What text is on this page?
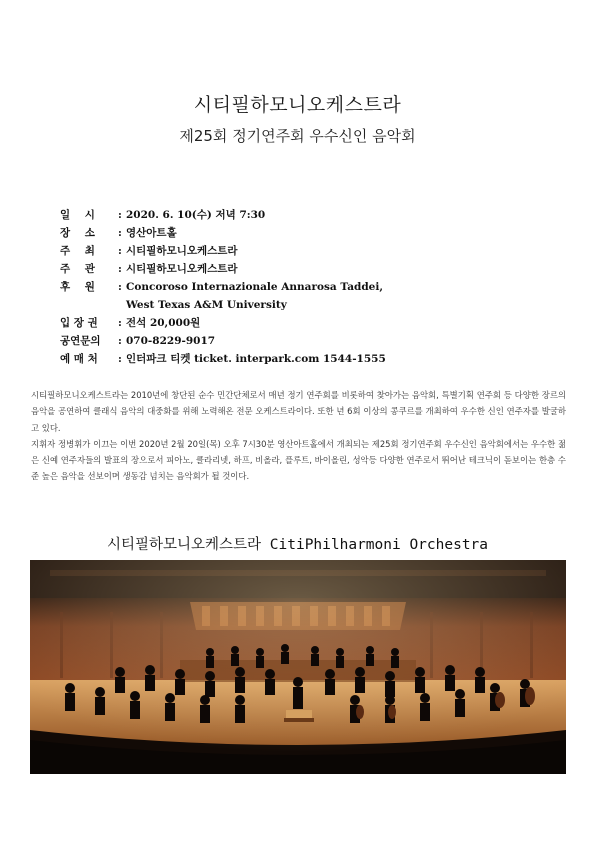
시티필하모니오케스트라
제25회 정기연주회 우수신인 음악회
일    시	: 2020. 6. 10(수) 저녁 7:30
장    소	: 영산아트홀
주    최	: 시티필하모니오케스트라
주    관	: 시티필하모니오케스트라
후    원	: Concoroso Internazionale Annarosa Taddei,
West Texas A&M University
입 장 권	: 전석 20,000원
공연문의	: 070-8229-9017
예 매 처	: 인터파크 티켓 ticket. interpark.com 1544-1555

시티필하모니오케스트라는 2010년에 창단된 순수 민간단체로서 매년 정기 연주회를 비롯하여 찾아가는 음악회, 특별기획 연주회 등 다양한 장르의 음악을 공연하여 클래식 음악의 대중화를 위해 노력해온 전문 오케스트라이다. 또한 년 6회 이상의 콩쿠르를 개최하여 우수한 신인 연주자를 발굴하고 있다.

지휘자 정병휘가 이끄는 이번 2020년 2월 20일(목) 오후 7시30분 영산아트홀에서 개최되는 제25회 정기연주회 우수신인 음악회에서는 우수한 젊은 신예 연주자들의 발표의 장으로서 피아노, 클라리넷, 하프, 비올라, 플루트, 바이올린, 성악등 다양한 연주로서 뛰어난 테크닉이 돋보이는 한층 수준 높은 음악을 선보이며 생동감 넘치는 음악회가 될 것이다.

시티필하모니오케스트라 CitiPhilharmoni Orchestra
